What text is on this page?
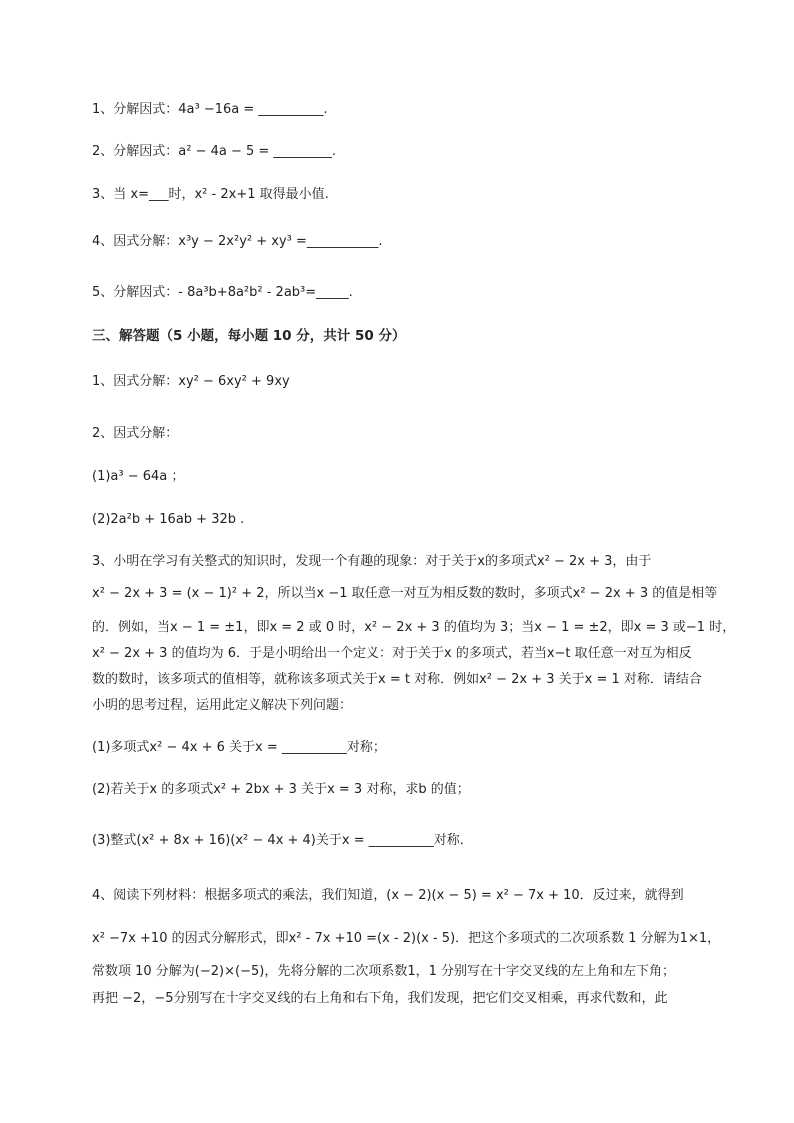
1、分解因式：4a³ −16a = __________.
2、分解因式：a² − 4a − 5 = _________.
3、当 x=___时，x² - 2x+1 取得最小值.
4、因式分解：x³y − 2x²y² + xy³ =___________.
5、分解因式：- 8a³b+8a²b² - 2ab³=_____.
三、解答题（5 小题，每小题 10 分，共计 50 分）
1、因式分解：xy² − 6xy² + 9xy
2、因式分解：
(1)a³ − 64a ；
(2)2a²b + 16ab + 32b .
3、小明在学习有关整式的知识时，发现一个有趣的现象：对于关于x的多项式x² − 2x + 3，由于
x² − 2x + 3 = (x − 1)² + 2，所以当x −1 取任意一对互为相反数的数时，多项式x² − 2x + 3 的值是相等
的．例如，当x − 1 = ±1，即x = 2 或 0 时，x² − 2x + 3 的值均为 3；当x − 1 = ±2，即x = 3 或−1 时，
x² − 2x + 3 的值均为 6．于是小明给出一个定义：对于关于x 的多项式，若当x−t 取任意一对互为相反
数的数时，该多项式的值相等，就称该多项式关于x = t 对称．例如x² − 2x + 3 关于x = 1 对称．请结合
小明的思考过程，运用此定义解决下列问题：
(1)多项式x² − 4x + 6 关于x = __________对称；
(2)若关于x 的多项式x² + 2bx + 3 关于x = 3 对称，求b 的值；
(3)整式(x² + 8x + 16)(x² − 4x + 4)关于x = __________对称．
4、阅读下列材料：根据多项式的乘法，我们知道，(x − 2)(x − 5) = x² − 7x + 10．反过来，就得到
x² −7x +10 的因式分解形式，即x² - 7x +10 =(x - 2)(x - 5)．把这个多项式的二次项系数 1 分解为1×1，
常数项 10 分解为(−2)×(−5)，先将分解的二次项系数1，1 分别写在十字交叉线的左上角和左下角；
再把 −2，−5分别写在十字交叉线的右上角和右下角，我们发现，把它们交叉相乘，再求代数和，此
